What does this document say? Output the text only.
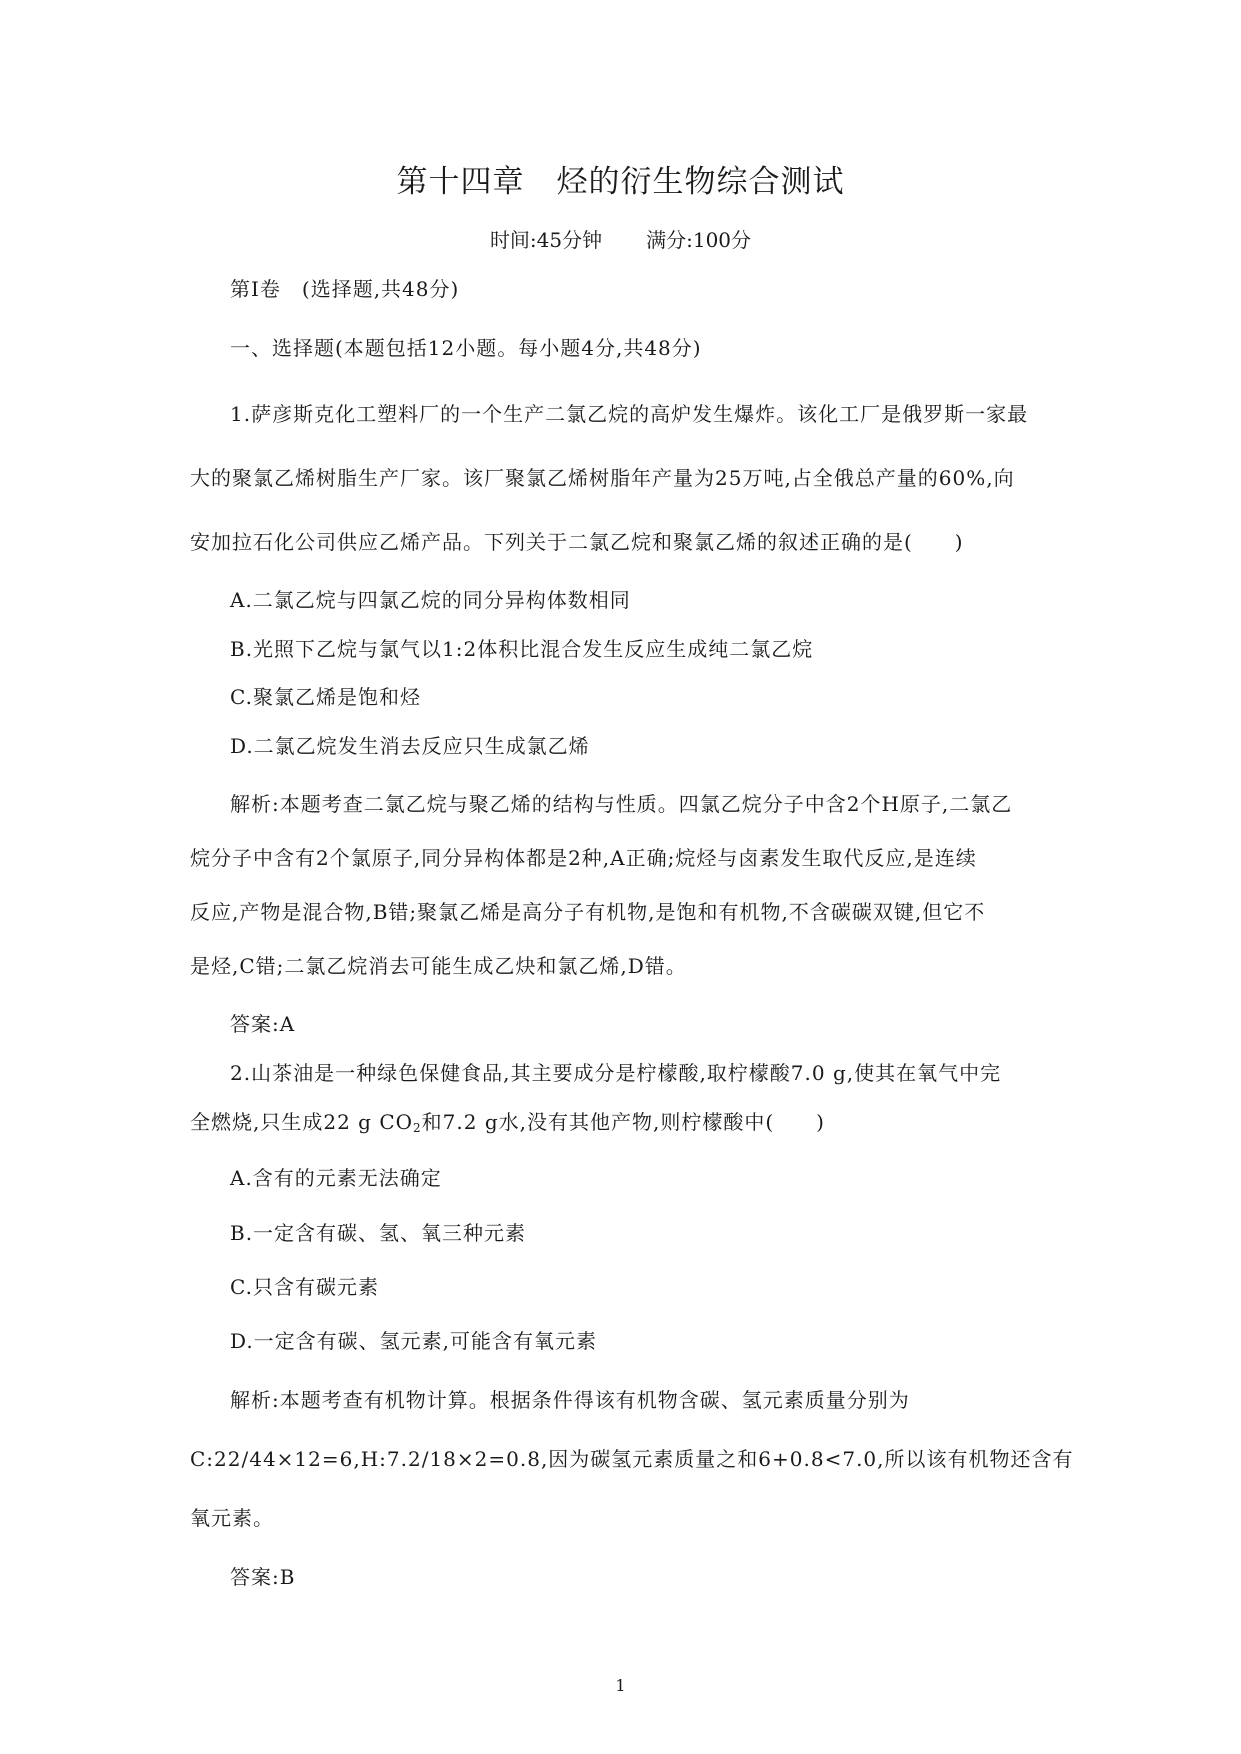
第十四章　烃的衍生物综合测试
时间:45分钟 满分:100分
第Ⅰ卷　(选择题,共48分)
一、选择题(本题包括12小题。每小题4分,共48分)
1.萨彦斯克化工塑料厂的一个生产二氯乙烷的高炉发生爆炸。该化工厂是俄罗斯一家最
大的聚氯乙烯树脂生产厂家。该厂聚氯乙烯树脂年产量为25万吨,占全俄总产量的60%,向
安加拉石化公司供应乙烯产品。下列关于二氯乙烷和聚氯乙烯的叙述正确的是(　　)
A.二氯乙烷与四氯乙烷的同分异构体数相同
B.光照下乙烷与氯气以1:2体积比混合发生反应生成纯二氯乙烷
C.聚氯乙烯是饱和烃
D.二氯乙烷发生消去反应只生成氯乙烯
解析:本题考查二氯乙烷与聚乙烯的结构与性质。四氯乙烷分子中含2个H原子,二氯乙
烷分子中含有2个氯原子,同分异构体都是2种,A正确;烷烃与卤素发生取代反应,是连续
反应,产物是混合物,B错;聚氯乙烯是高分子有机物,是饱和有机物,不含碳碳双键,但它不
是烃,C错;二氯乙烷消去可能生成乙炔和氯乙烯,D错。
答案:A
2.山茶油是一种绿色保健食品,其主要成分是柠檬酸,取柠檬酸7.0 g,使其在氧气中完
全燃烧,只生成22 g $CO_2$和7.2 g水,没有其他产物,则柠檬酸中(　　)
A.含有的元素无法确定
B.一定含有碳、氢、氧三种元素
C.只含有碳元素
D.一定含有碳、氢元素,可能含有氧元素
解析:本题考查有机物计算。根据条件得该有机物含碳、氢元素质量分别为
C:22/44×12=6,H:7.2/18×2=0.8,因为碳氢元素质量之和6+0.8<7.0,所以该有机物还含有
氧元素。
答案:B
1
